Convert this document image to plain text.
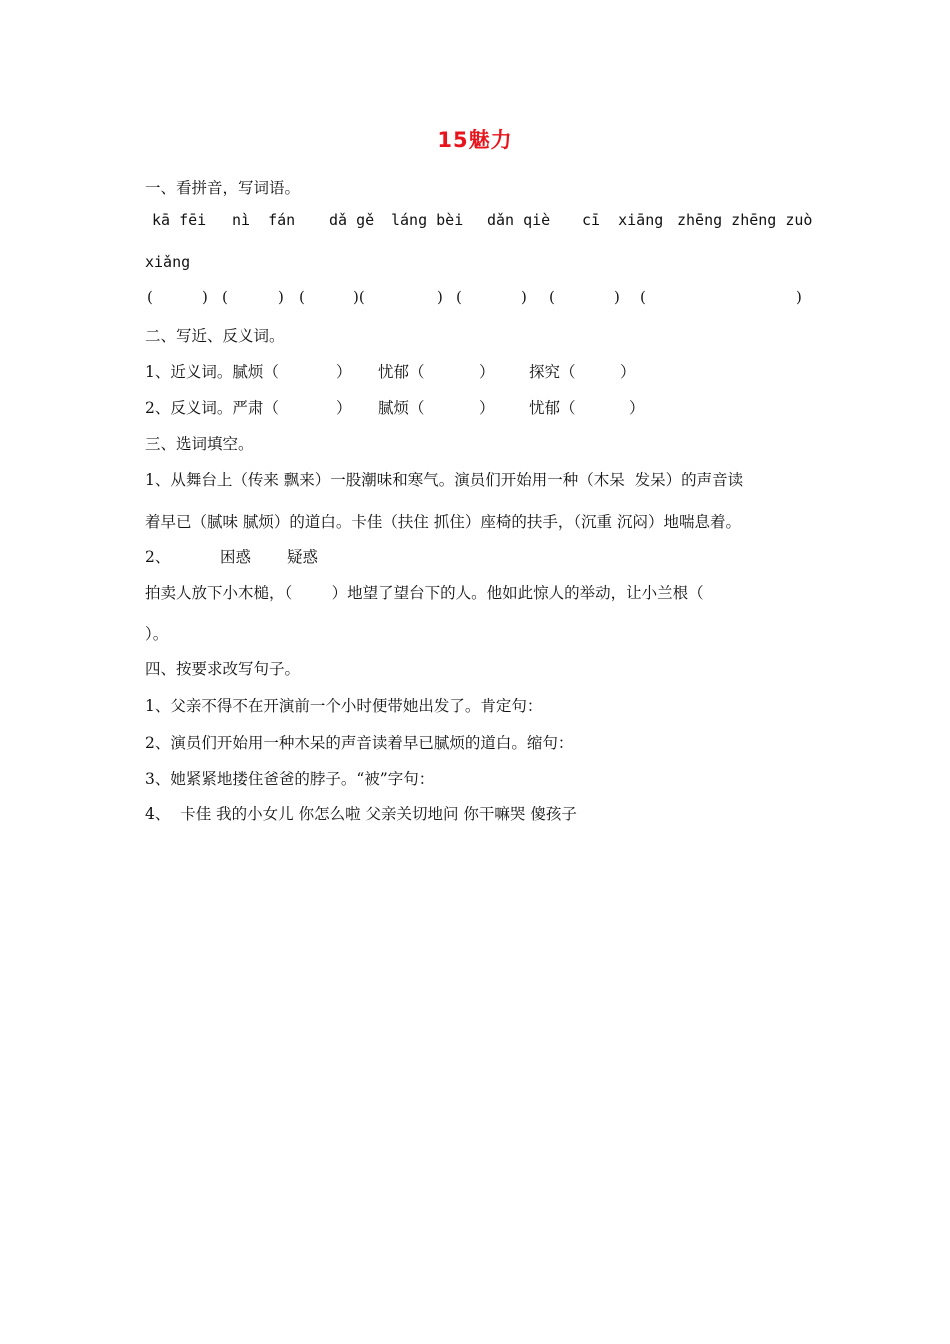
15魅力
一、看拼音，写词语。
kā fēi nì  fán dǎ gě láng bèi dǎn qiè cī  xiāng zhēng zhēng zuò
xiǎng
(	) (	) (	)(	) (	) (	) (	)
二、写近、反义词。
1、近义词。腻烦（	） 忧郁（	） 探究（	）
2、反义词。严肃（	） 腻烦（	） 忧郁（	）
三、选词填空。
1、从舞台上（传来 飘来）一股潮味和寒气。演员们开始用一种（木呆  发呆）的声音读
着早已（腻味 腻烦）的道白。卡佳（扶住 抓住）座椅的扶手，（沉重 沉闷）地喘息着。
2、	困惑 疑惑
拍卖人放下小木槌，（        ）地望了望台下的人。他如此惊人的举动，让小兰根（
）。
四、按要求改写句子。
1、父亲不得不在开演前一个小时便带她出发了。肯定句：
2、演员们开始用一种木呆的声音读着早已腻烦的道白。缩句：
3、她紧紧地搂住爸爸的脖子。“被”字句：
4、  卡佳 我的小女儿 你怎么啦 父亲关切地问 你干嘛哭 傻孩子
